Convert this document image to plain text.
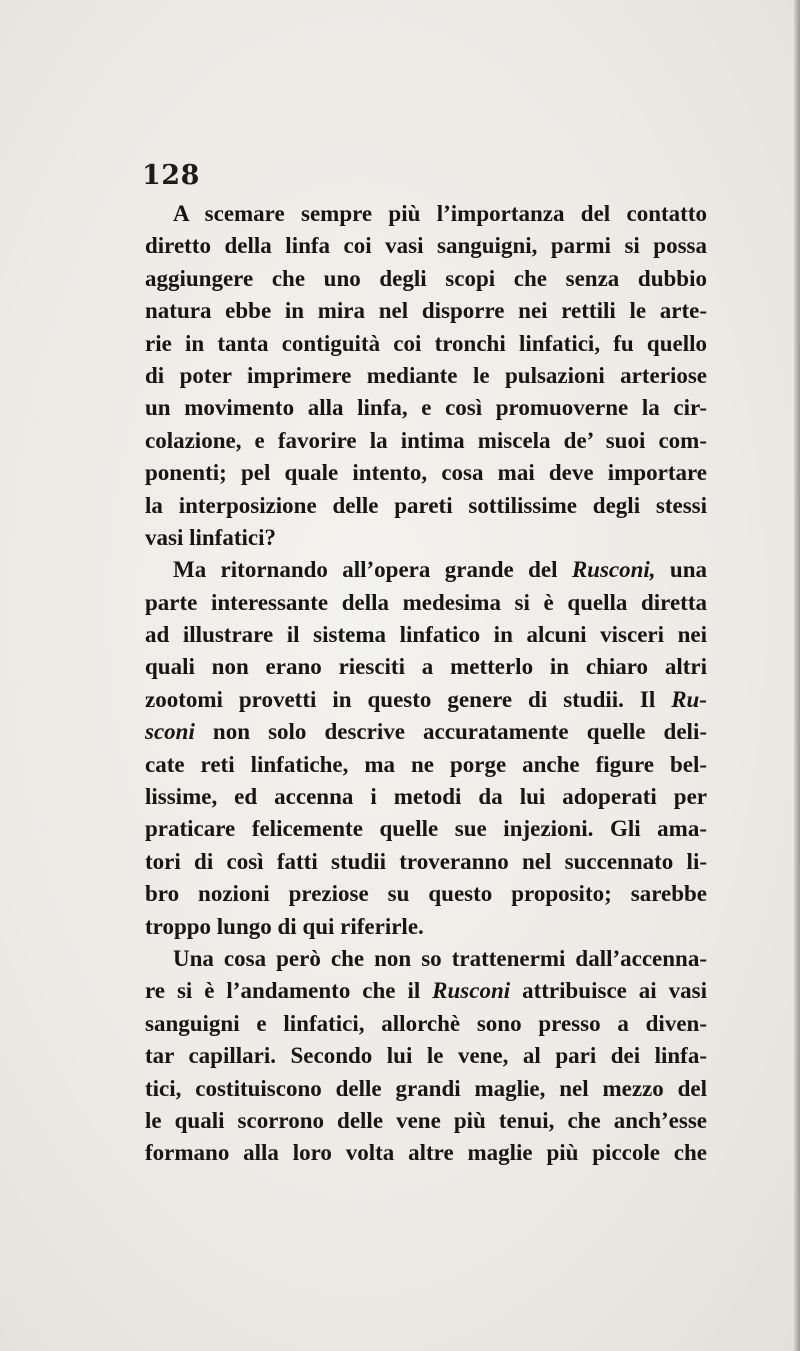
128
A scemare sempre più l’importanza del contatto
diretto della linfa coi vasi sanguigni, parmi si possa
aggiungere che uno degli scopi che senza dubbio
natura ebbe in mira nel disporre nei rettili le arte-
rie in tanta contiguità coi tronchi linfatici, fu quello
di poter imprimere mediante le pulsazioni arteriose
un movimento alla linfa, e così promuoverne la cir-
colazione, e favorire la intima miscela de’ suoi com-
ponenti; pel quale intento, cosa mai deve importare
la interposizione delle pareti sottilissime degli stessi
vasi linfatici?
Ma ritornando all’opera grande del Rusconi, una
parte interessante della medesima si è quella diretta
ad illustrare il sistema linfatico in alcuni visceri nei
quali non erano riesciti a metterlo in chiaro altri
zootomi provetti in questo genere di studii. Il Ru-
sconi non solo descrive accuratamente quelle deli-
cate reti linfatiche, ma ne porge anche figure bel-
lissime, ed accenna i metodi da lui adoperati per
praticare felicemente quelle sue injezioni. Gli ama-
tori di così fatti studii troveranno nel succennato li-
bro nozioni preziose su questo proposito; sarebbe
troppo lungo di qui riferirle.
Una cosa però che non so trattenermi dall’accenna-
re si è l’andamento che il Rusconi attribuisce ai vasi
sanguigni e linfatici, allorchè sono presso a diven-
tar capillari. Secondo lui le vene, al pari dei linfa-
tici, costituiscono delle grandi maglie, nel mezzo del
le quali scorrono delle vene più tenui, che anch’esse
formano alla loro volta altre maglie più piccole che
